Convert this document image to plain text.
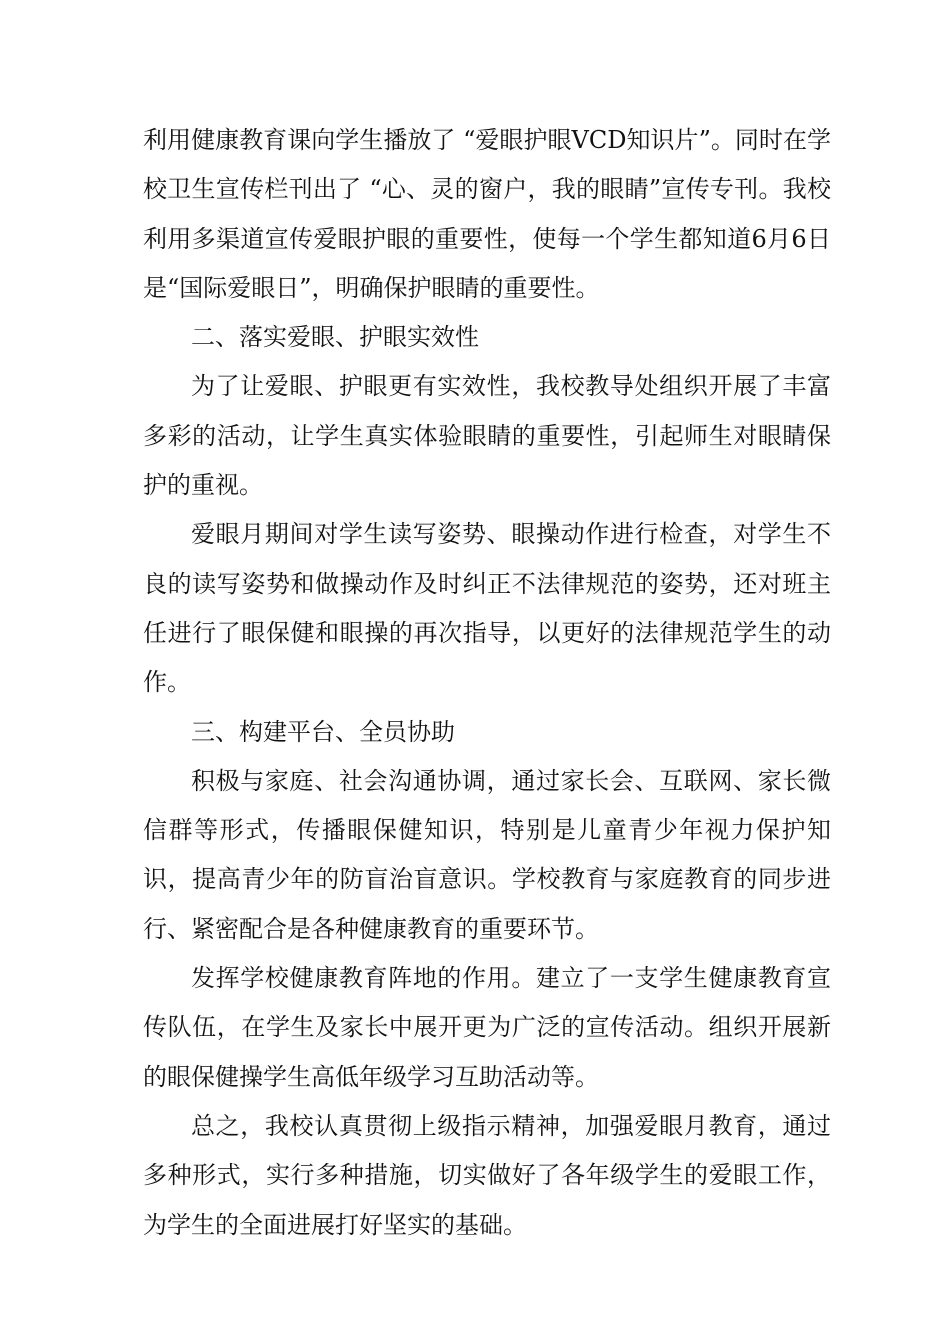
利用健康教育课向学生播放了 “爱眼护眼VCD知识片”。同时在学校卫生宣传栏刊出了 “心、灵的窗户，我的眼睛”宣传专刊。我校利用多渠道宣传爱眼护眼的重要性，使每一个学生都知道6月6日是“国际爱眼日”，明确保护眼睛的重要性。

二、落实爱眼、护眼实效性

为了让爱眼、护眼更有实效性，我校教导处组织开展了丰富多彩的活动，让学生真实体验眼睛的重要性，引起师生对眼睛保护的重视。

爱眼月期间对学生读写姿势、眼操动作进行检查，对学生不良的读写姿势和做操动作及时纠正不法律规范的姿势，还对班主任进行了眼保健和眼操的再次指导，以更好的法律规范学生的动作。

三、构建平台、全员协助

积极与家庭、社会沟通协调，通过家长会、互联网、家长微信群等形式，传播眼保健知识，特别是儿童青少年视力保护知识，提高青少年的防盲治盲意识。学校教育与家庭教育的同步进行、紧密配合是各种健康教育的重要环节。

发挥学校健康教育阵地的作用。建立了一支学生健康教育宣传队伍，在学生及家长中展开更为广泛的宣传活动。组织开展新的眼保健操学生高低年级学习互助活动等。

总之，我校认真贯彻上级指示精神，加强爱眼月教育，通过多种形式，实行多种措施，切实做好了各年级学生的爱眼工作，为学生的全面进展打好坚实的基础。
